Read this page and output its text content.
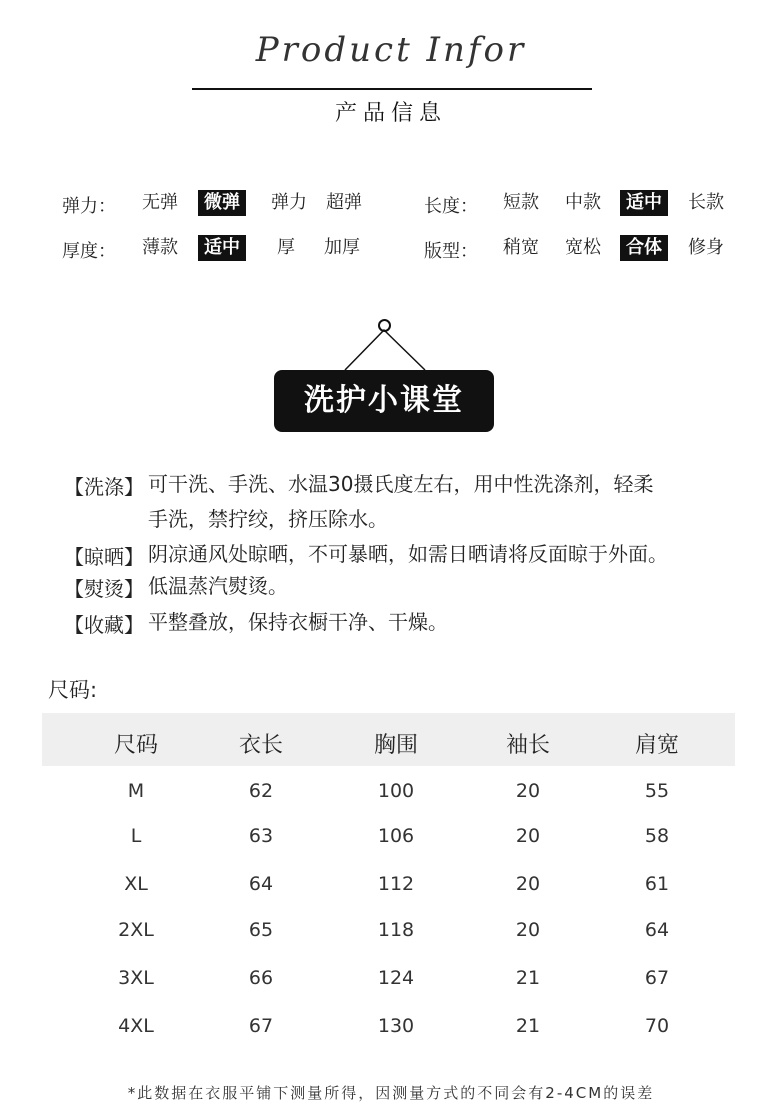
Product Infor
产品信息
弹力：	无弹	微弹	弹力	超弹	长度：	短款	中款	适中	长款
厚度：	薄款	适中	厚	加厚	版型：	稍宽	宽松	合体	修身
洗护小课堂
【洗涤】 可干洗、手洗、水温30摄氏度左右，用中性洗涤剂，轻柔
手洗，禁拧绞，挤压除水。
【晾晒】 阴凉通风处晾晒，不可暴晒，如需日晒请将反面晾于外面。
【熨烫】 低温蒸汽熨烫。
【收藏】 平整叠放，保持衣橱干净、干燥。
尺码:
尺码	衣长	胸围	袖长	肩宽
M	62	100	20	55
L	63	106	20	58
XL	64	112	20	61
2XL	65	118	20	64
3XL	66	124	21	67
4XL	67	130	21	70
*此数据在衣服平铺下测量所得，因测量方式的不同会有2-4CM的误差
